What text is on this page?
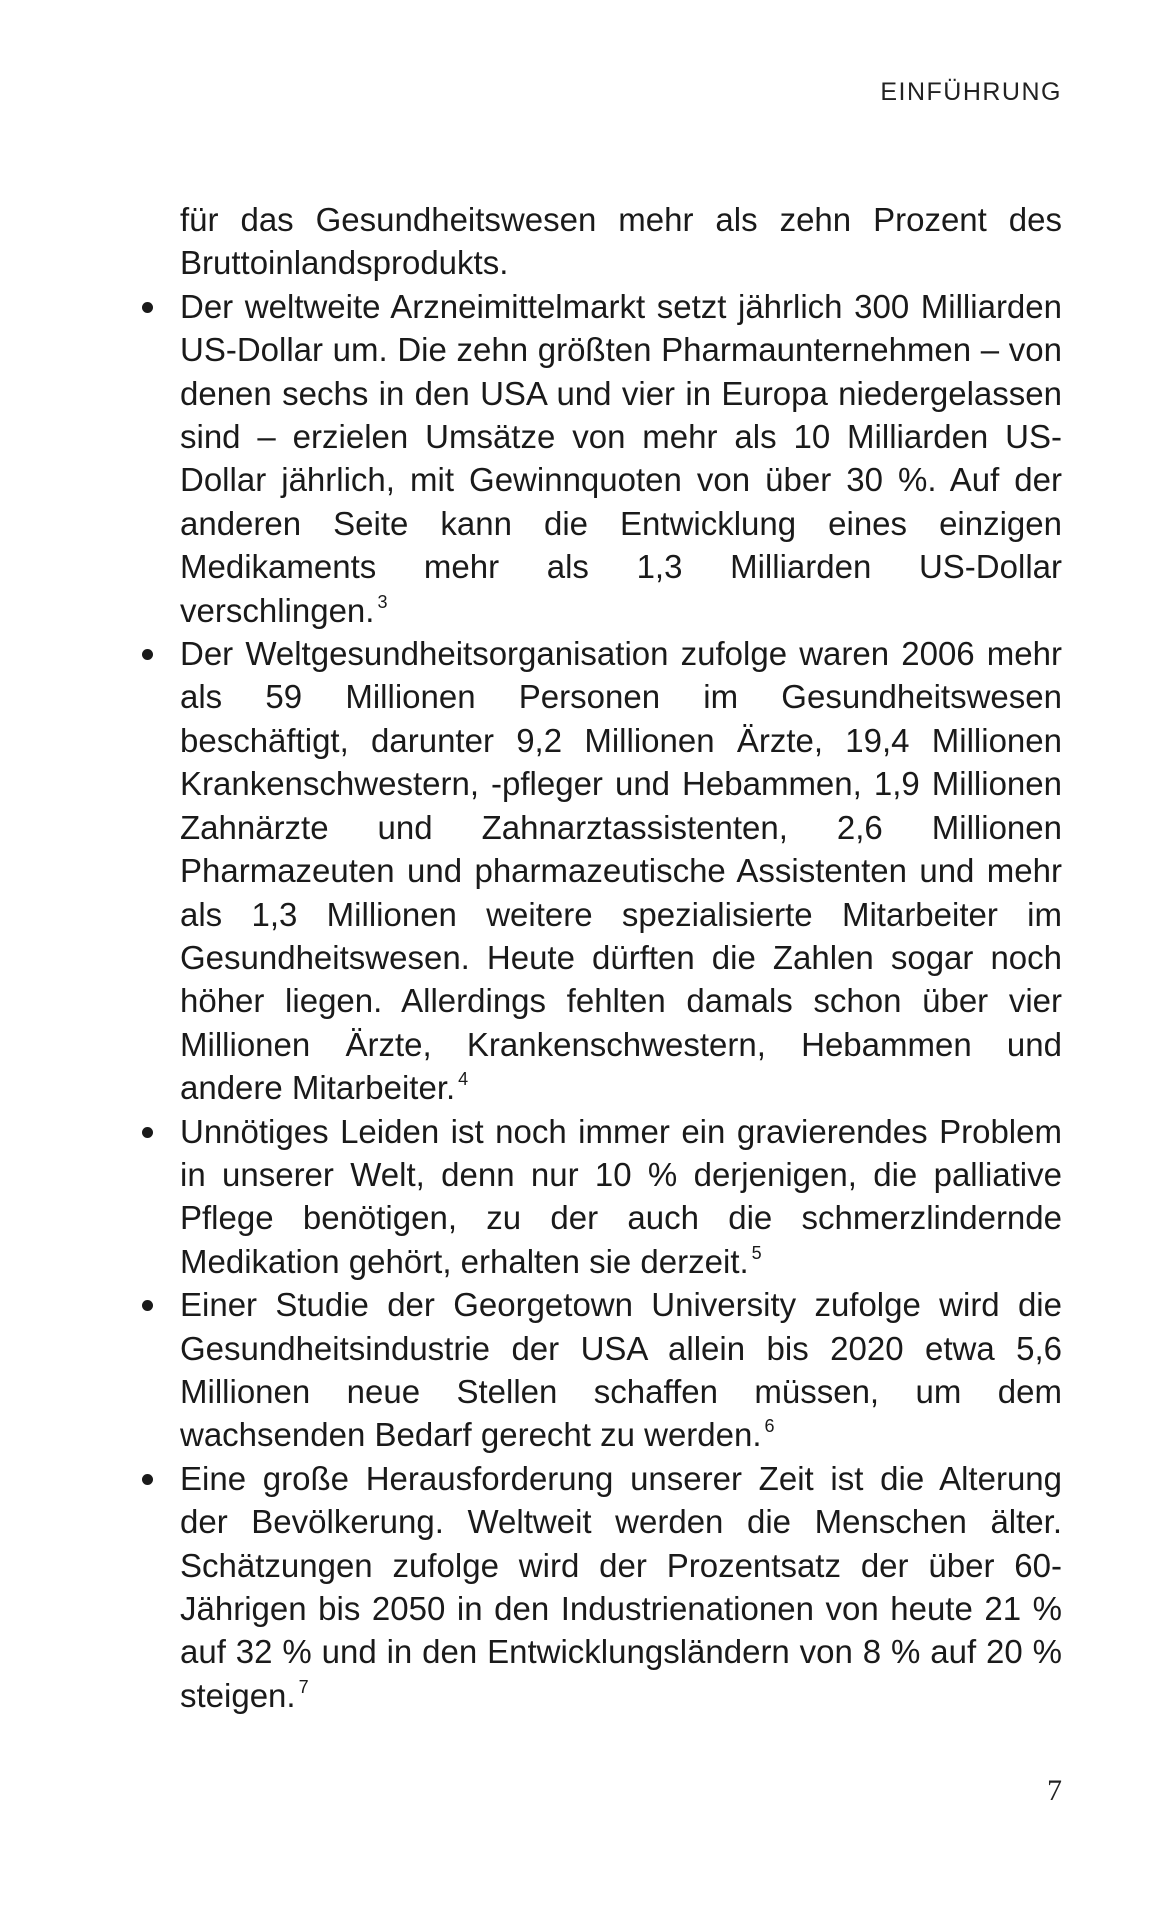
EINFÜHRUNG

für das Gesundheitswesen mehr als zehn Prozent des Bruttoinlandsprodukts.

Der weltweite Arzneimittelmarkt setzt jährlich 300 Milliarden US-Dollar um. Die zehn größten Pharmaunternehmen – von denen sechs in den USA und vier in Europa niedergelassen sind – erzielen Umsätze von mehr als 10 Milliarden US-Dollar jährlich, mit Gewinnquoten von über 30 %. Auf der anderen Seite kann die Entwicklung eines einzigen Medikaments mehr als 1,3 Milliarden US-Dollar verschlingen. $^3$
Der Weltgesundheitsorganisation zufolge waren 2006 mehr als 59 Millionen Personen im Gesundheitswesen beschäftigt, darunter 9,2 Millionen Ärzte, 19,4 Millionen Krankenschwestern, -pfleger und Hebammen, 1,9 Millionen Zahnärzte und Zahnarztassistenten, 2,6 Millionen Pharmazeuten und pharmazeutische Assistenten und mehr als 1,3 Millionen weitere spezialisierte Mitarbeiter im Gesundheitswesen. Heute dürften die Zahlen sogar noch höher liegen. Allerdings fehlten damals schon über vier Millionen Ärzte, Krankenschwestern, Hebammen und andere Mitarbeiter. $^4$
Unnötiges Leiden ist noch immer ein gravierendes Problem in unserer Welt, denn nur 10 % derjenigen, die palliative Pflege benötigen, zu der auch die schmerzlindernde Medikation gehört, erhalten sie derzeit. $^5$
Einer Studie der Georgetown University zufolge wird die Gesundheitsindustrie der USA allein bis 2020 etwa 5,6 Millionen neue Stellen schaffen müssen, um dem wachsenden Bedarf gerecht zu werden. $^6$
Eine große Herausforderung unserer Zeit ist die Alterung der Bevölkerung. Weltweit werden die Menschen älter. Schätzungen zufolge wird der Prozentsatz der über 60-Jährigen bis 2050 in den Industrienationen von heute 21 % auf 32 % und in den Entwicklungsländern von 8 % auf 20 % steigen. $^7$
7
